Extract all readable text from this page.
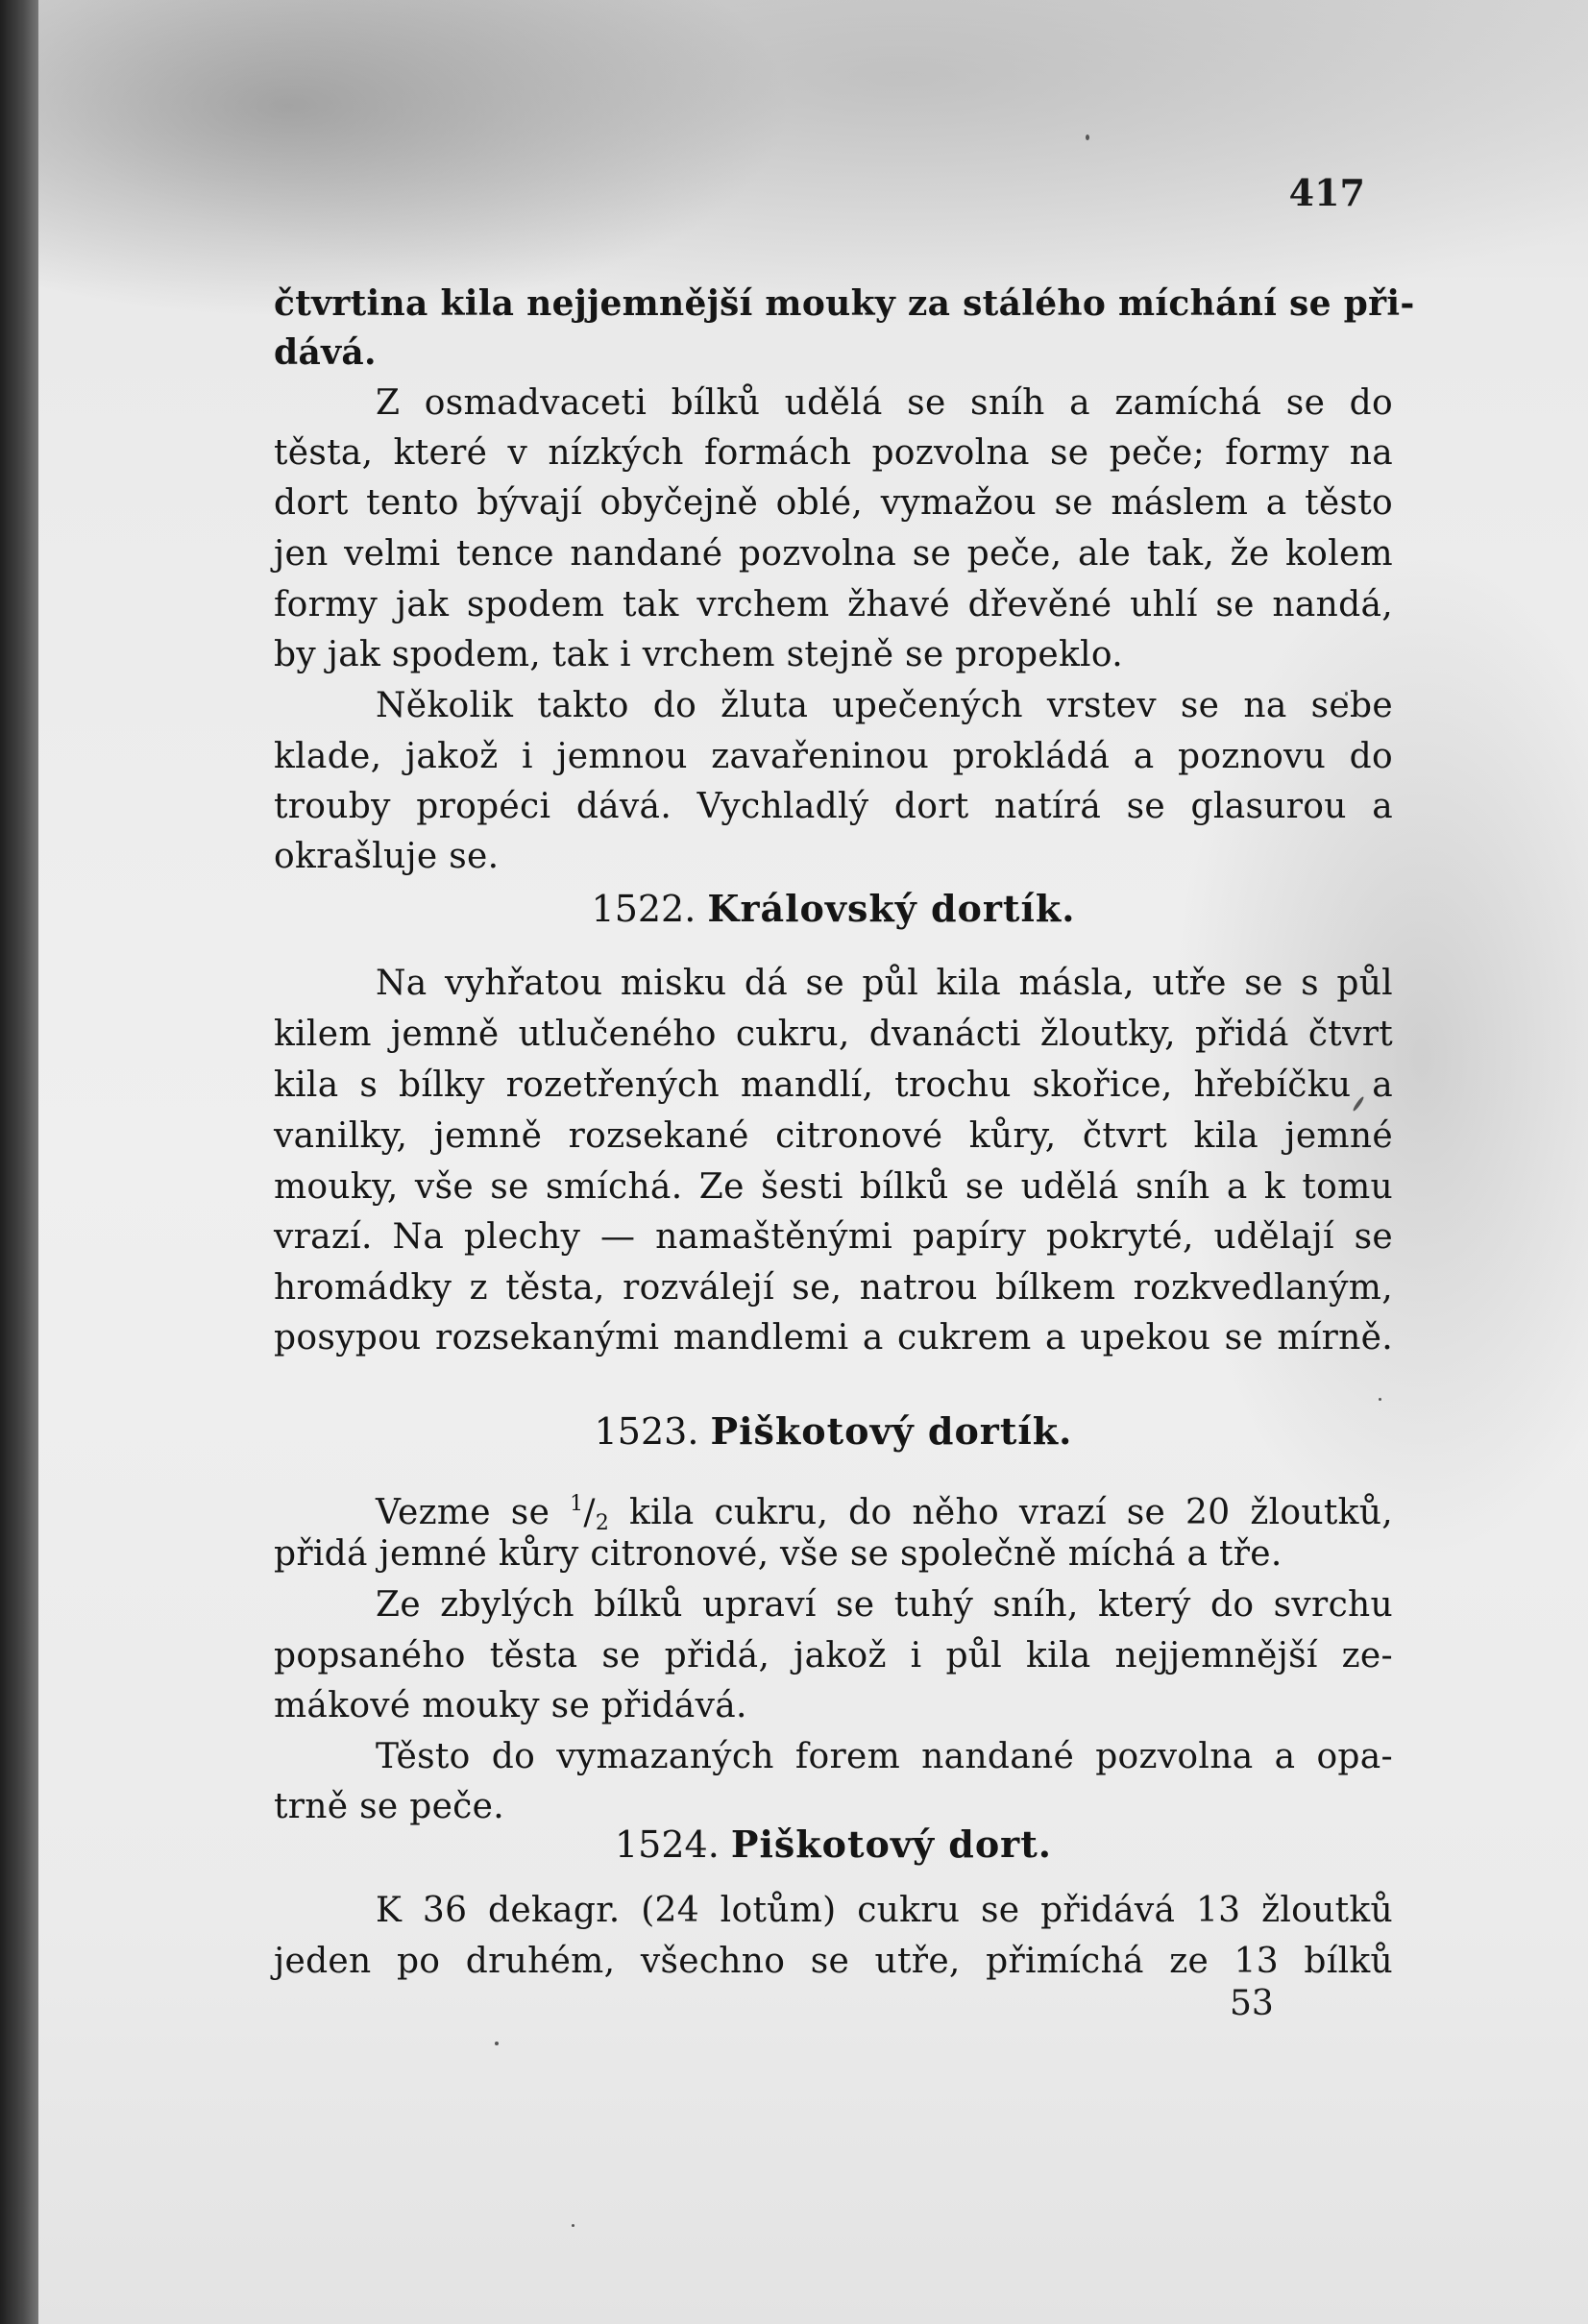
417
čtvrtina kila nejjemnější mouky za stálého míchání se při-
dává.
Z osmadvaceti bílků udělá se sníh a zamíchá se do
těsta, které v nízkých formách pozvolna se peče; formy na
dort tento bývají obyčejně oblé, vymažou se máslem a těsto
jen velmi tence nandané pozvolna se peče, ale tak, že kolem
formy jak spodem tak vrchem žhavé dřevěné uhlí se nandá,
by jak spodem, tak i vrchem stejně se propeklo.
Několik takto do žluta upečených vrstev se na sebe
klade, jakož i jemnou zavařeninou prokládá a poznovu do
trouby propéci dává. Vychladlý dort natírá se glasurou a
okrašluje se.
1522. Královský dortík.
Na vyhřatou misku dá se půl kila másla, utře se s půl
kilem jemně utlučeného cukru, dvanácti žloutky, přidá čtvrt
kila s bílky rozetřených mandlí, trochu skořice, hřebíčku a
vanilky, jemně rozsekané citronové kůry, čtvrt kila jemné
mouky, vše se smíchá. Ze šesti bílků se udělá sníh a k tomu
vrazí. Na plechy — namaštěnými papíry pokryté, udělají se
hromádky z těsta, rozválejí se, natrou bílkem rozkvedlaným,
posypou rozsekanými mandlemi a cukrem a upekou se mírně.
1523. Piškotový dortík.
Vezme se $^1/_2$ kila cukru, do něho vrazí se 20 žloutků,
přidá jemné kůry citronové, vše se společně míchá a tře.
Ze zbylých bílků upraví se tuhý sníh, který do svrchu
popsaného těsta se přidá, jakož i půl kila nejjemnější ze-
mákové mouky se přidává.
Těsto do vymazaných forem nandané pozvolna a opa-
trně se peče.
1524. Piškotový dort.
K 36 dekagr. (24 lotům) cukru se přidává 13 žloutků
jeden po druhém, všechno se utře, přimíchá ze 13 bílků
53
